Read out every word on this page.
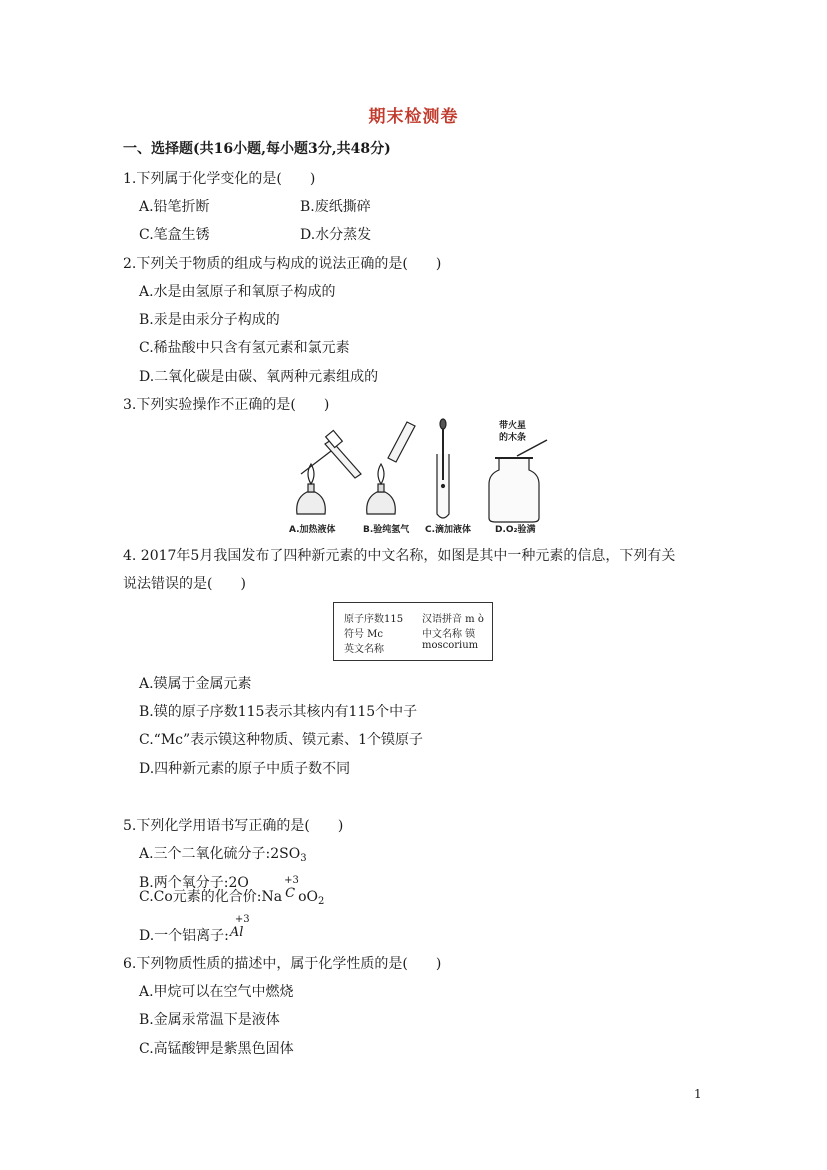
期末检测卷
一、选择题(共16小题,每小题3分,共48分)
1.下列属于化学变化的是(　　)
A.铅笔折断	B.废纸撕碎
C.笔盒生锈	D.水分蒸发
2.下列关于物质的组成与构成的说法正确的是(　　)
A.水是由氢原子和氧原子构成的
B.汞是由汞分子构成的
C.稀盐酸中只含有氢元素和氯元素
D.二氧化碳是由碳、氧两种元素组成的
3.下列实验操作不正确的是(　　)
带火星
的木条
A.加热液体	B.验纯氢气 C.滴加液体	D.O₂验满
4. 2017年5月我国发布了四种新元素的中文名称，如图是其中一种元素的信息，下列有关
说法错误的是(　　)
原子序数115 汉语拼音 m ò
符号 Mc	中文名称 镆
英文名称	moscorium
A.镆属于金属元素
B.镆的原子序数115表示其核内有115个中子
C.“Mc”表示镆这种物质、镆元素、1个镆原子
D.四种新元素的原子中质子数不同
5.下列化学用语书写正确的是(　　)
A.三个二氧化硫分子$:2SO_3$
B.两个氧分子:2O
C.Co元素的化合价:Na
+3
C $oO_2$
D.一个铝离子:
+3
Al
6.下列物质性质的描述中，属于化学性质的是(　　)
A.甲烷可以在空气中燃烧
B.金属汞常温下是液体
C.高锰酸钾是紫黑色固体
1
